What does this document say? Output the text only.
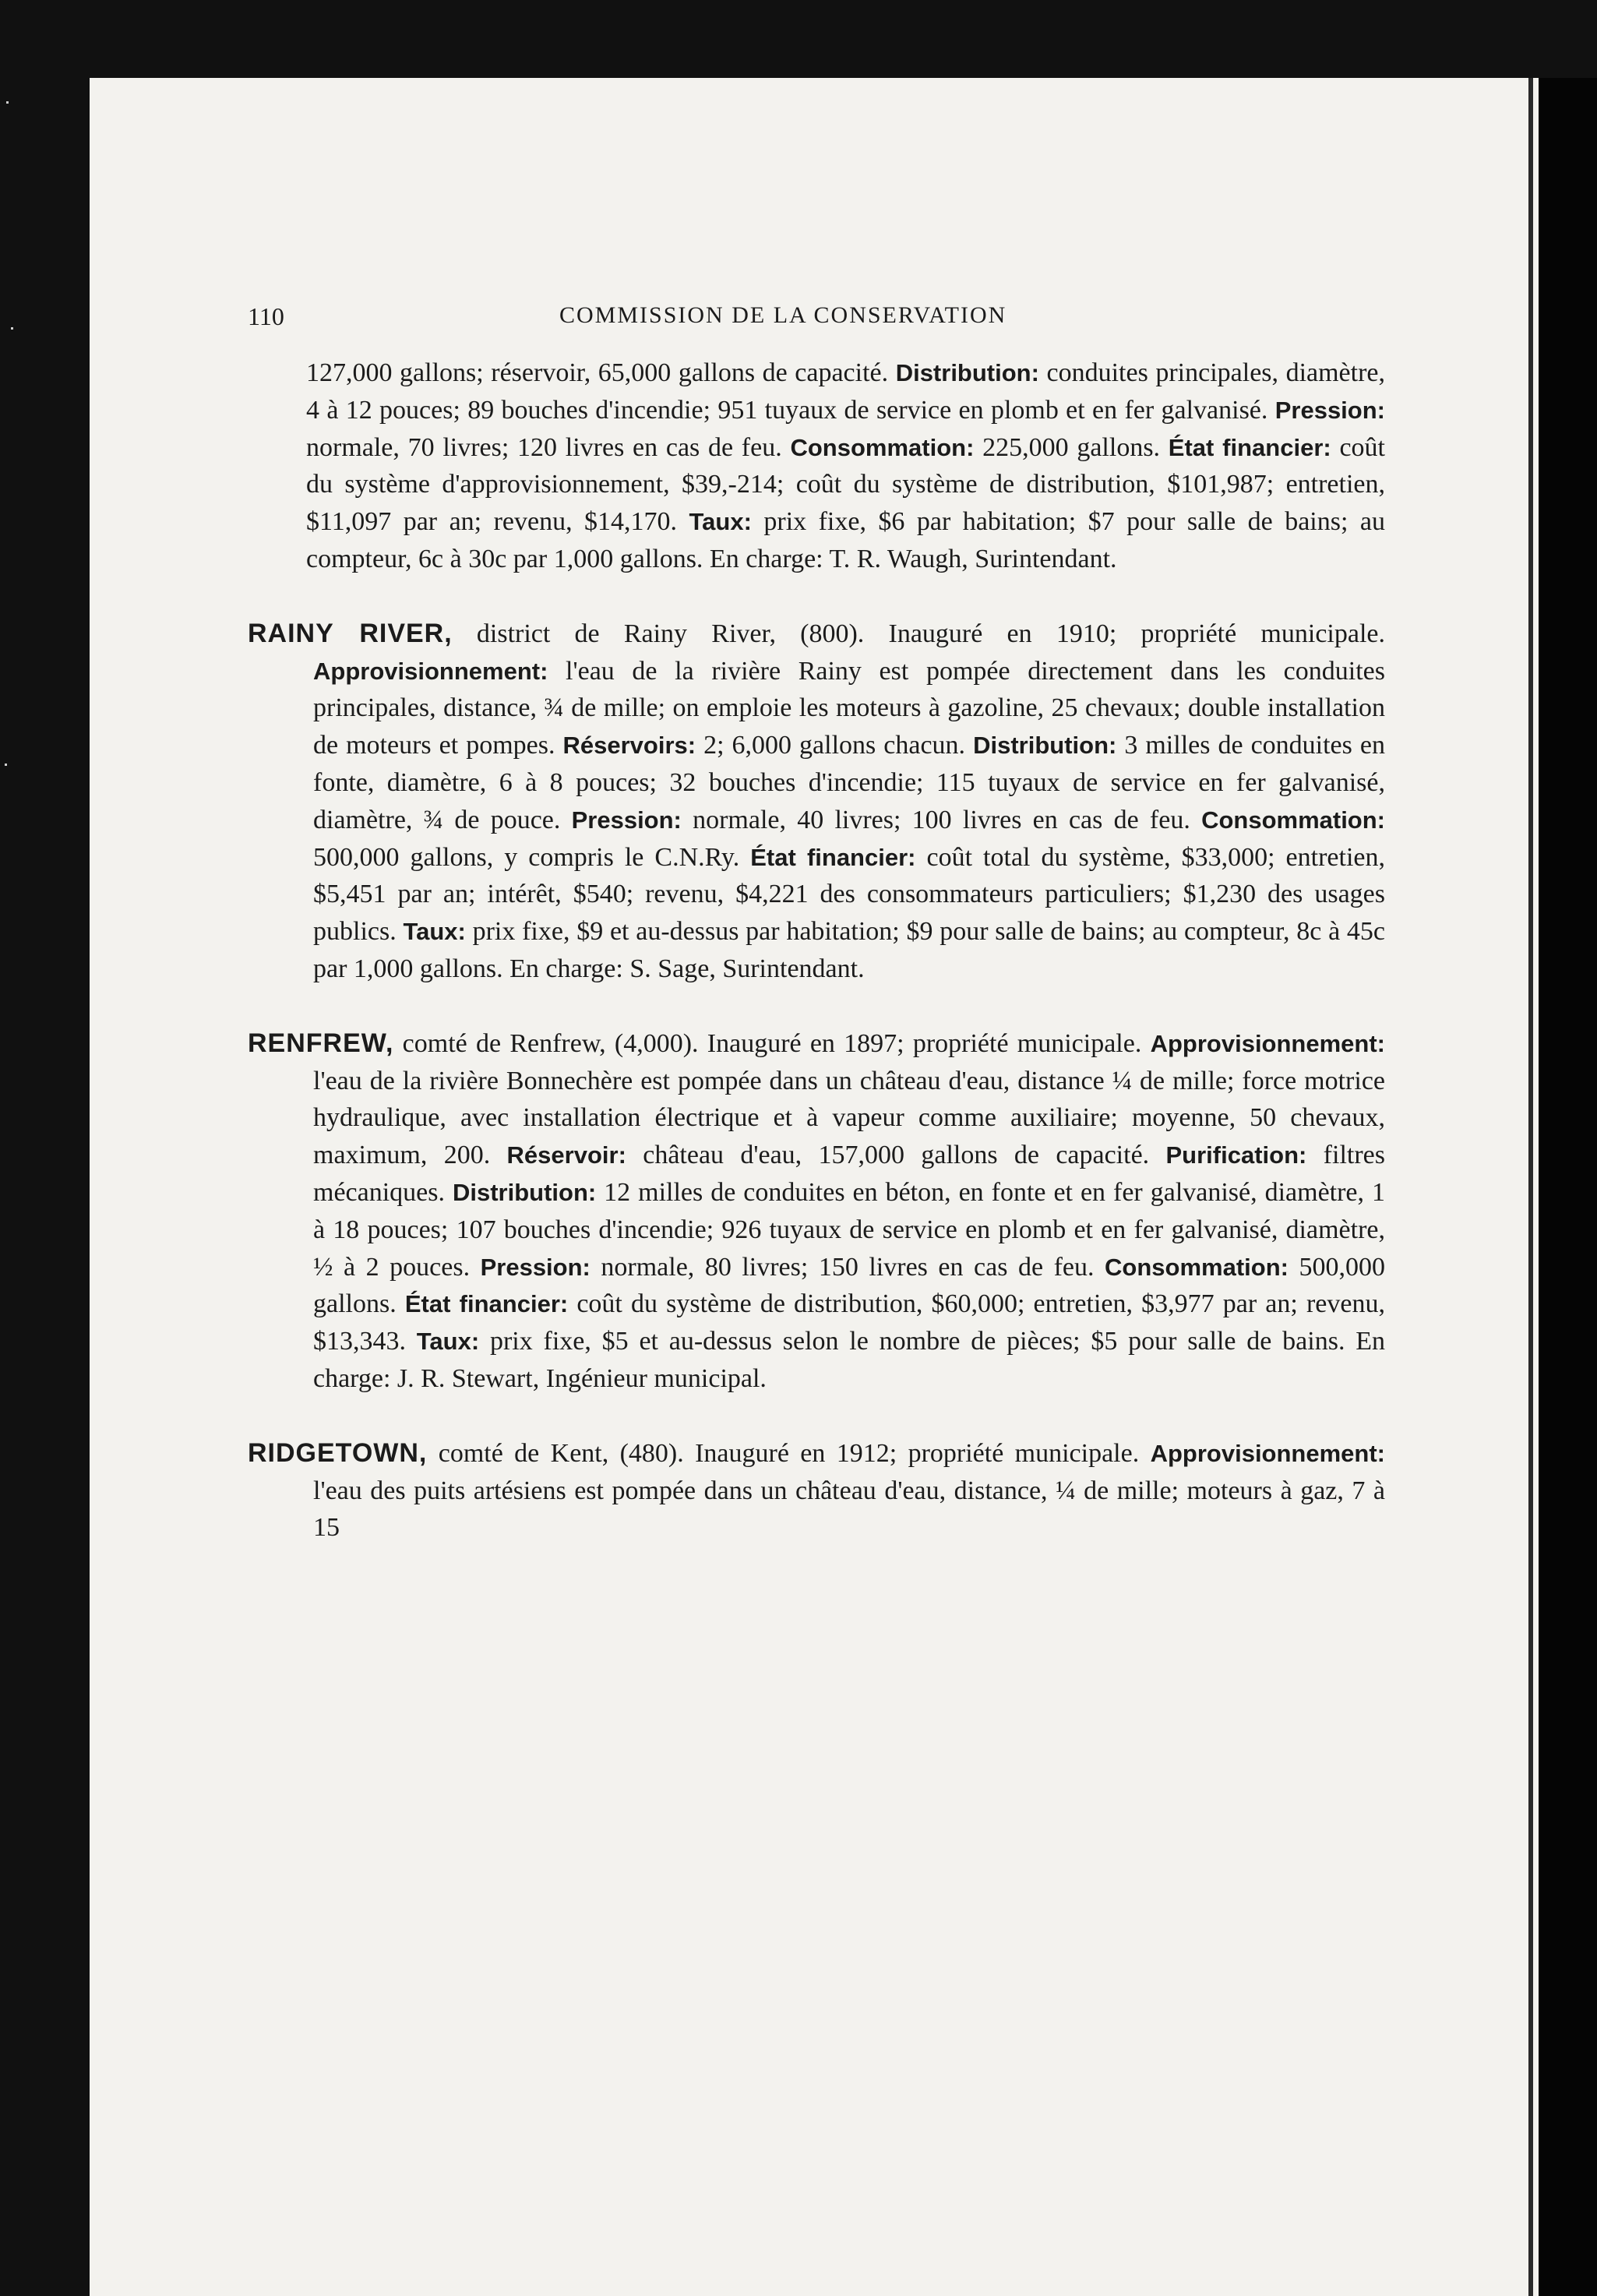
110	COMMISSION DE LA CONSERVATION

127,000 gallons; réservoir, 65,000 gallons de capacité. Distribution: conduites principales, diamètre, 4 à 12 pouces; 89 bouches d'incendie; 951 tuyaux de service en plomb et en fer galvanisé. Pression: normale, 70 livres; 120 livres en cas de feu. Consommation: 225,000 gallons. État financier: coût du système d'approvisionnement, $39,-214; coût du système de distribution, $101,987; entretien, $11,097 par an; revenu, $14,170. Taux: prix fixe, $6 par habitation; $7 pour salle de bains; au compteur, 6c à 30c par 1,000 gallons. En charge: T. R. Waugh, Surintendant.

RAINY RIVER, district de Rainy River, (800). Inauguré en 1910; propriété municipale. Approvisionnement: l'eau de la rivière Rainy est pompée directement dans les conduites principales, distance, ¾ de mille; on emploie les moteurs à gazoline, 25 chevaux; double installation de moteurs et pompes. Réservoirs: 2; 6,000 gallons chacun. Distribution: 3 milles de conduites en fonte, diamètre, 6 à 8 pouces; 32 bouches d'incendie; 115 tuyaux de service en fer galvanisé, diamètre, ¾ de pouce. Pression: normale, 40 livres; 100 livres en cas de feu. Consommation: 500,000 gallons, y compris le C.N.Ry. État financier: coût total du système, $33,000; entretien, $5,451 par an; intérêt, $540; revenu, $4,221 des consommateurs particuliers; $1,230 des usages publics. Taux: prix fixe, $9 et au-dessus par habitation; $9 pour salle de bains; au compteur, 8c à 45c par 1,000 gallons. En charge: S. Sage, Surintendant.

RENFREW, comté de Renfrew, (4,000). Inauguré en 1897; propriété municipale. Approvisionnement: l'eau de la rivière Bonnechère est pompée dans un château d'eau, distance ¼ de mille; force motrice hydraulique, avec installation électrique et à vapeur comme auxiliaire; moyenne, 50 chevaux, maximum, 200. Réservoir: château d'eau, 157,000 gallons de capacité. Purification: filtres mécaniques. Distribution: 12 milles de conduites en béton, en fonte et en fer galvanisé, diamètre, 1 à 18 pouces; 107 bouches d'incendie; 926 tuyaux de service en plomb et en fer galvanisé, diamètre, ½ à 2 pouces. Pression: normale, 80 livres; 150 livres en cas de feu. Consommation: 500,000 gallons. État financier: coût du système de distribution, $60,000; entretien, $3,977 par an; revenu, $13,343. Taux: prix fixe, $5 et au-dessus selon le nombre de pièces; $5 pour salle de bains. En charge: J. R. Stewart, Ingénieur municipal.

RIDGETOWN, comté de Kent, (480). Inauguré en 1912; propriété municipale. Approvisionnement: l'eau des puits artésiens est pompée dans un château d'eau, distance, ¼ de mille; moteurs à gaz, 7 à 15
